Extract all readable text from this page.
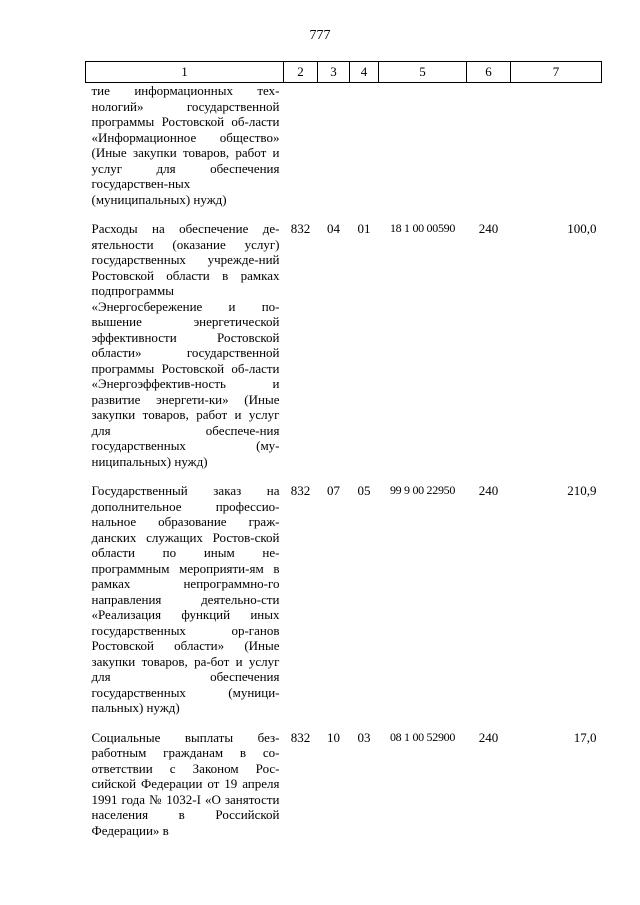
777
1	2	3	4	5	6	7
тие информационных тех-нологий» государственной программы Ростовской об-ласти «Информационное общество» (Иные закупки товаров, работ и услуг для обеспечения государствен-ных (муниципальных) нужд)						
Расходы на обеспечение де-ятельности (оказание услуг) государственных учрежде-ний Ростовской области в рамках подпрограммы «Энергосбережение и по-вышение энергетической эффективности Ростовской области» государственной программы Ростовской об-ласти «Энергоэффектив-ность и развитие энергети-ки» (Иные закупки товаров, работ и услуг для обеспече-ния государственных (му-ниципальных) нужд)	832	04	01	18 1 00 00590	240	100,0
Государственный заказ на дополнительное профессио-нальное образование граж-данских служащих Ростов-ской области по иным не-программным мероприяти-ям в рамках непрограммно-го направления деятельно-сти «Реализация функций иных государственных ор-ганов Ростовской области» (Иные закупки товаров, ра-бот и услуг для обеспечения государственных (муници-пальных) нужд)	832	07	05	99 9 00 22950	240	210,9
Социальные выплаты без-работным гражданам в со-ответствии с Законом Рос-сийской Федерации от 19 апреля 1991 года № 1032-I «О занятости населения в Российской Федерации» в	832	10	03	08 1 00 52900	240	17,0
